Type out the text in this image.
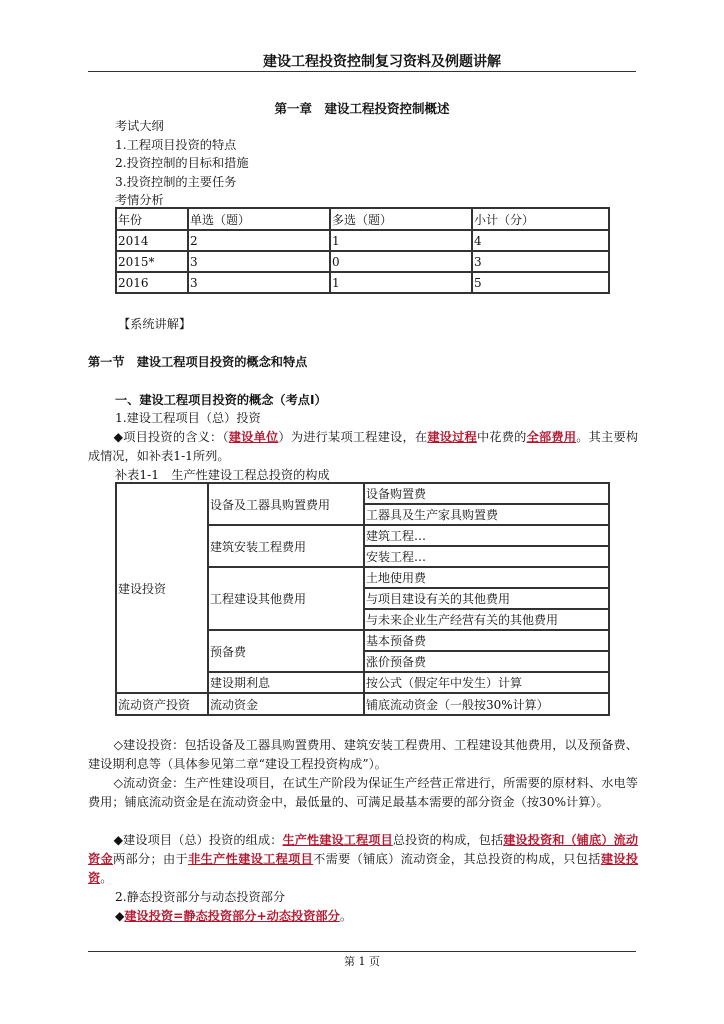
建设工程投资控制复习资料及例题讲解
第一章　建设工程投资控制概述
考试大纲
1.工程项目投资的特点
2.投资控制的目标和措施
3.投资控制的主要任务
考情分析
年份	单选（题）	多选（题）	小计（分）
2014	2	1	4
2015*	3	0	3
2016	3	1	5
【系统讲解】
第一节　建设工程项目投资的概念和特点
一、建设工程项目投资的概念（考点Ⅰ）
1.建设工程项目（总）投资
◆项目投资的含义：（建设单位）为进行某项工程建设，在建设过程中花费的全部费用。其主要构成情况，如补表1-1所列。
补表1-1　生产性建设工程总投资的构成
建设投资	设备及工器具购置费用	设备购置费
		工器具及生产家具购置费
	建筑安装工程费用	建筑工程…
		安装工程…
	工程建设其他费用	土地使用费
		与项目建设有关的其他费用
		与未来企业生产经营有关的其他费用
	预备费	基本预备费
		涨价预备费
	建设期利息	按公式（假定年中发生）计算
流动资产投资	流动资金	铺底流动资金（一般按30%计算）
◇建设投资：包括设备及工器具购置费用、建筑安装工程费用、工程建设其他费用，以及预备费、建设期利息等（具体参见第二章“建设工程投资构成”）。
◇流动资金：生产性建设项目，在试生产阶段为保证生产经营正常进行，所需要的原材料、水电等费用；铺底流动资金是在流动资金中，最低量的、可满足最基本需要的部分资金（按30%计算）。
◆建设项目（总）投资的组成：生产性建设工程项目总投资的构成，包括建设投资和（铺底）流动资金两部分；由于非生产性建设工程项目不需要（铺底）流动资金，其总投资的构成，只包括建设投资。
2.静态投资部分与动态投资部分
◆建设投资=静态投资部分+动态投资部分。
第 1 页
